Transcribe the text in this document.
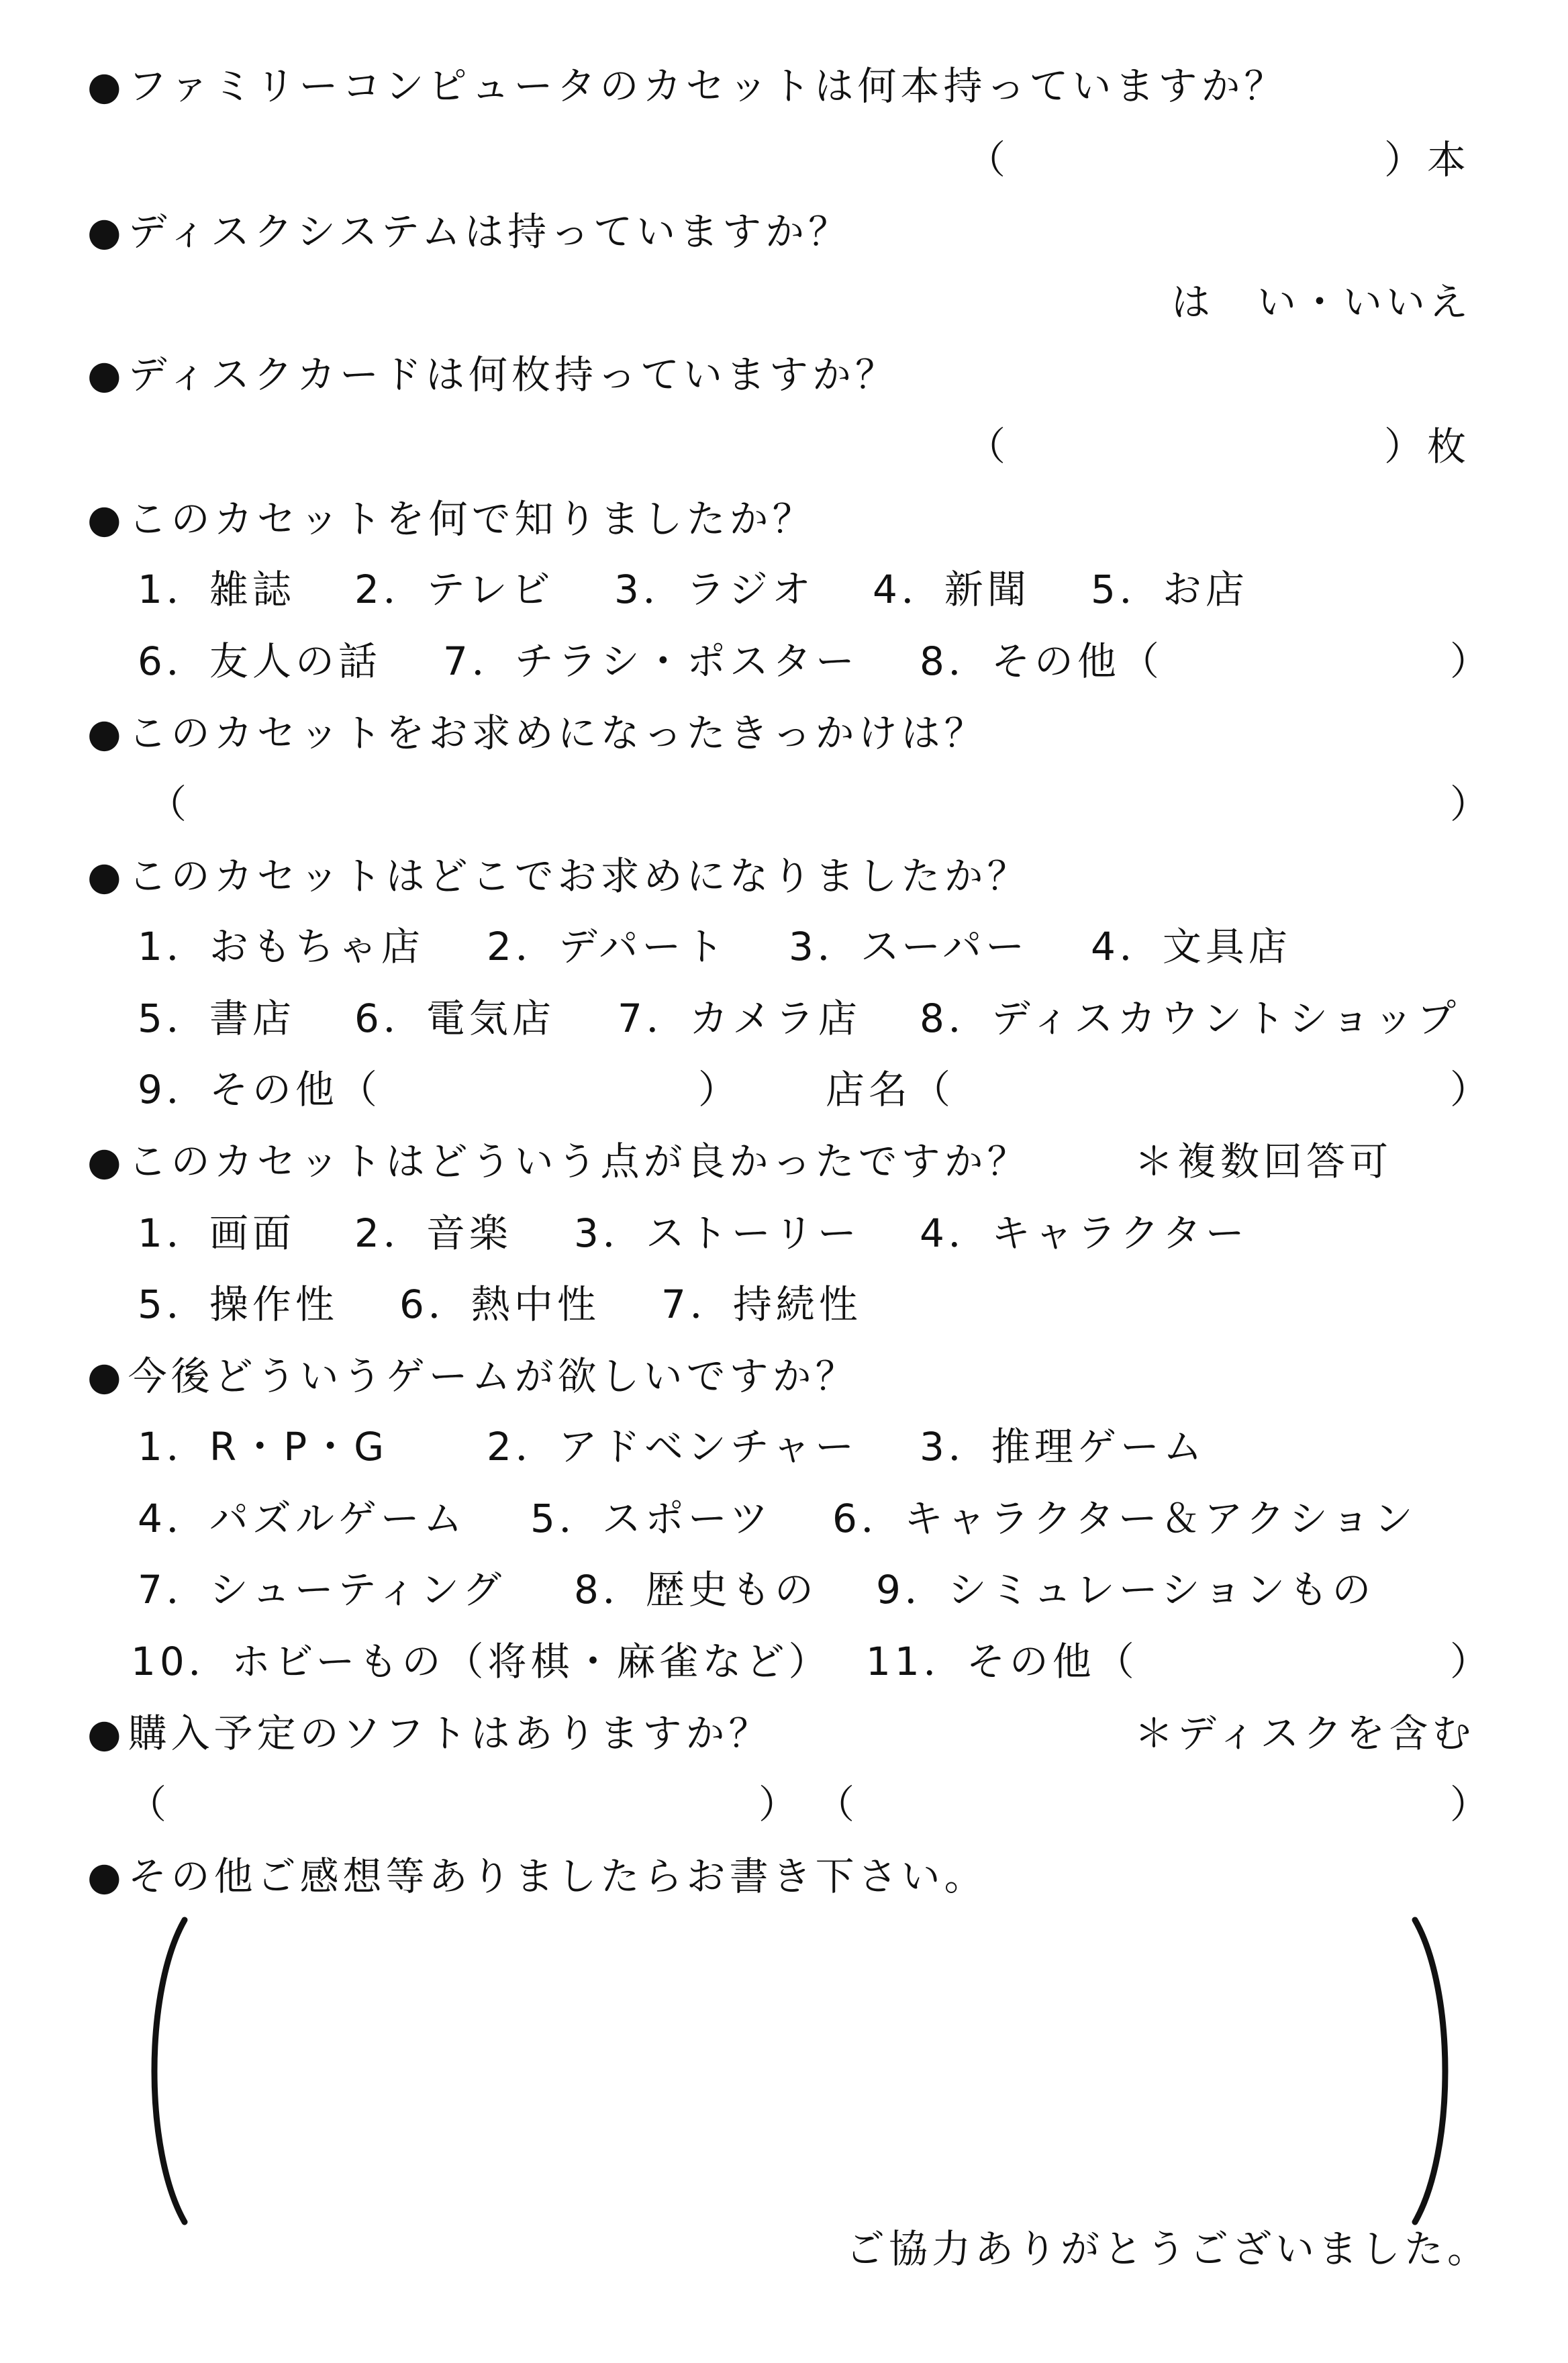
●ファミリーコンピュータのカセットは何本持っていますか？
（	） 本
●ディスクシステムは持っていますか？
は　い・いいえ
●ディスクカードは何枚持っていますか？
（	） 枚
●このカセットを何で知りましたか？
1．雑誌 2．テレビ 3．ラジオ 4．新聞 5．お店
6．友人の話 7．チラシ・ポスター 8．その他（	）
●このカセットをお求めになったきっかけは？
（	）
●このカセットはどこでお求めになりましたか？
1．おもちゃ店 2．デパート 3．スーパー 4．文具店
5．書店 6．電気店 7．カメラ店 8．ディスカウントショップ
9．その他（	） 店名（	）
●このカセットはどういう点が良かったですか？	＊複数回答可
1．画面 2．音楽 3．ストーリー 4．キャラクター
5．操作性 6．熱中性 7．持続性
●今後どういうゲームが欲しいですか？
1．R・P・G	2．アドベンチャー 3．推理ゲーム
4．パズルゲーム 5．スポーツ 6．キャラクター＆アクション
7．シューティング 8．歴史もの 9．シミュレーションもの
10．ホビーもの（将棋・麻雀など） 11．その他（	）
●購入予定のソフトはありますか？	＊ディスクを含む
（	） （	）
●その他ご感想等ありましたらお書き下さい。
ご協力ありがとうございました。
